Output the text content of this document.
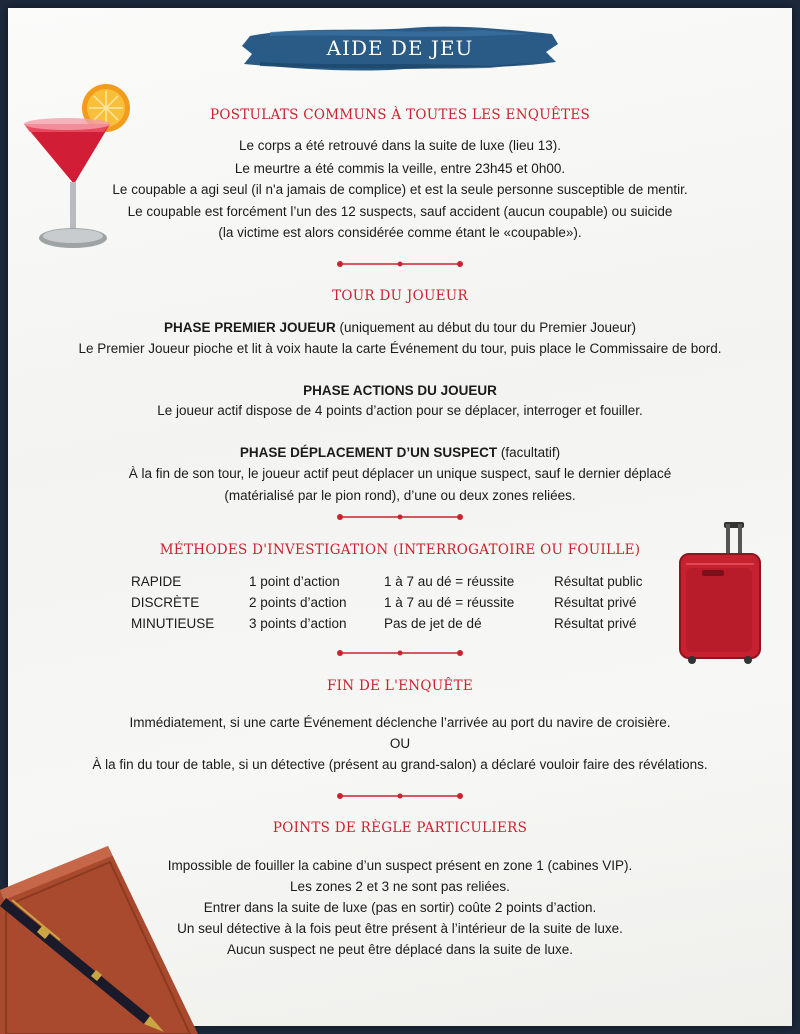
AIDE DE JEU
POSTULATS COMMUNS À TOUTES LES ENQUÊTES
Le corps a été retrouvé dans la suite de luxe (lieu 13).
Le meurtre a été commis la veille, entre 23h45 et 0h00.
Le coupable a agi seul (il n'a jamais de complice) et est la seule personne susceptible de mentir.
Le coupable est forcément l’un des 12 suspects, sauf accident (aucun coupable) ou suicide
(la victime est alors considérée comme étant le «coupable»).
TOUR DU JOUEUR
PHASE PREMIER JOUEUR (uniquement au début du tour du Premier Joueur)
Le Premier Joueur pioche et lit à voix haute la carte Événement du tour, puis place le Commissaire de bord.
PHASE ACTIONS DU JOUEUR
Le joueur actif dispose de 4 points d’action pour se déplacer, interroger et fouiller.
PHASE DÉPLACEMENT D’UN SUSPECT (facultatif)
À la fin de son tour, le joueur actif peut déplacer un unique suspect, sauf le dernier déplacé
(matérialisé par le pion rond), d’une ou deux zones reliées.
MÉTHODES D'INVESTIGATION (INTERROGATOIRE OU FOUILLE)
RAPIDE	1 point d’action	1 à 7 au dé = réussite	Résultat public
DISCRÈTE	2 points d’action	1 à 7 au dé = réussite	Résultat privé
MINUTIEUSE	3 points d’action	Pas de jet de dé	Résultat privé
FIN DE L'ENQUÊTE
Immédiatement, si une carte Événement déclenche l’arrivée au port du navire de croisière.
OU
À la fin du tour de table, si un détective (présent au grand-salon) a déclaré vouloir faire des révélations.
POINTS DE RÈGLE PARTICULIERS
Impossible de fouiller la cabine d’un suspect présent en zone 1 (cabines VIP).
Les zones 2 et 3 ne sont pas reliées.
Entrer dans la suite de luxe (pas en sortir) coûte 2 points d’action.
Un seul détective à la fois peut être présent à l’intérieur de la suite de luxe.
Aucun suspect ne peut être déplacé dans la suite de luxe.
